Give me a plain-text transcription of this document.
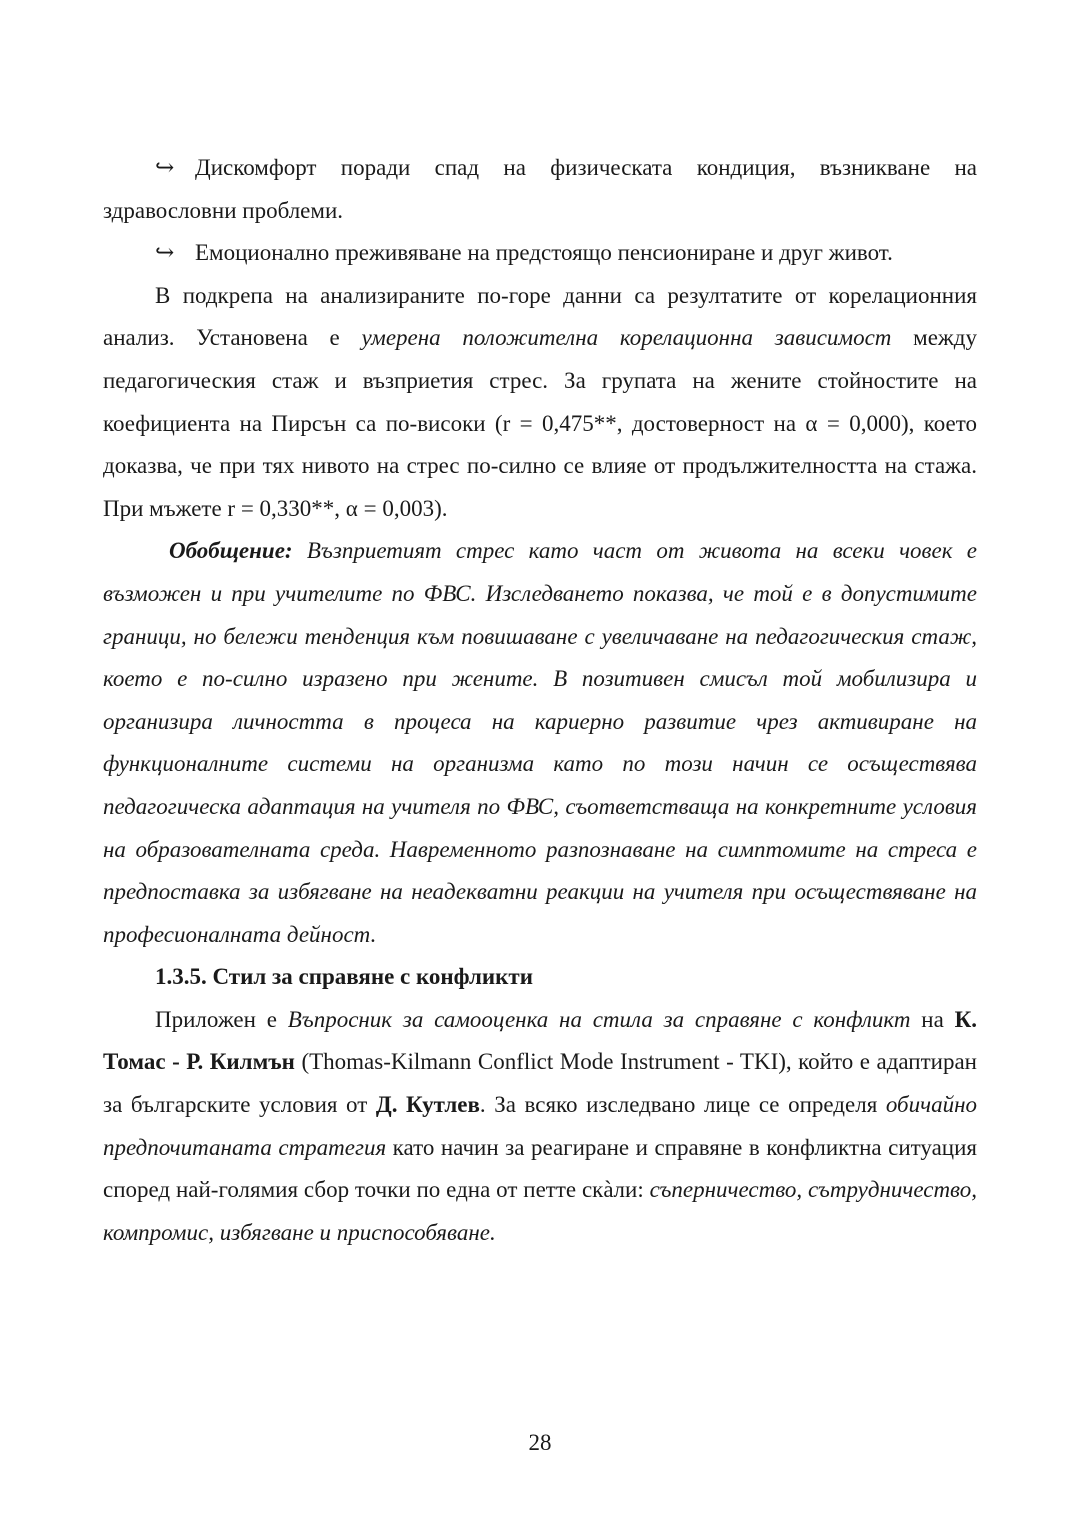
↪ Дискомфорт поради спад на физическата кондиция, възникване на здравословни проблеми.

↪ Емоционално преживяване на предстоящо пенсиониране и друг живот.

В подкрепа на анализираните по-горе данни са резултатите от корелационния анализ. Установена е умерена положителна корелационна зависимост между педагогическия стаж и възприетия стрес. За групата на жените стойностите на коефициента на Пирсън са по-високи (r = 0,475**, достоверност на α = 0,000), което доказва, че при тях нивото на стрес по-силно се влияе от продължителността на стажа. При мъжете r = 0,330**, α = 0,003).

Обобщение: Възприетият стрес като част от живота на всеки човек е възможен и при учителите по ФВС. Изследването показва, че той е в допустимите граници, но бележи тенденция към повишаване с увеличаване на педагогическия стаж, което е по-силно изразено при жените. В позитивен смисъл той мобилизира и организира личността в процеса на кариерно развитие чрез активиране на функционалните системи на организма като по този начин се осъществява педагогическа адаптация на учителя по ФВС, съответстваща на конкретните условия на образователната среда. Навременното разпознаване на симптомите на стреса е предпоставка за избягване на неадекватни реакции на учителя при осъществяване на професионалната дейност.

1.3.5. Стил за справяне с конфликти

Приложен е Въпросник за самооценка на стила за справяне с конфликт на К. Томас - Р. Килмън (Thomas-Kilmann Conflict Mode Instrument - TKI), който е адаптиран за българските условия от Д. Кутлев. За всяко изследвано лице се определя обичайно предпочитаната стратегия като начин за реагиране и справяне в конфликтна ситуация според най-голямия сбор точки по една от петте скàли: съперничество, сътрудничество, компромис, избягване и приспособяване.

28
